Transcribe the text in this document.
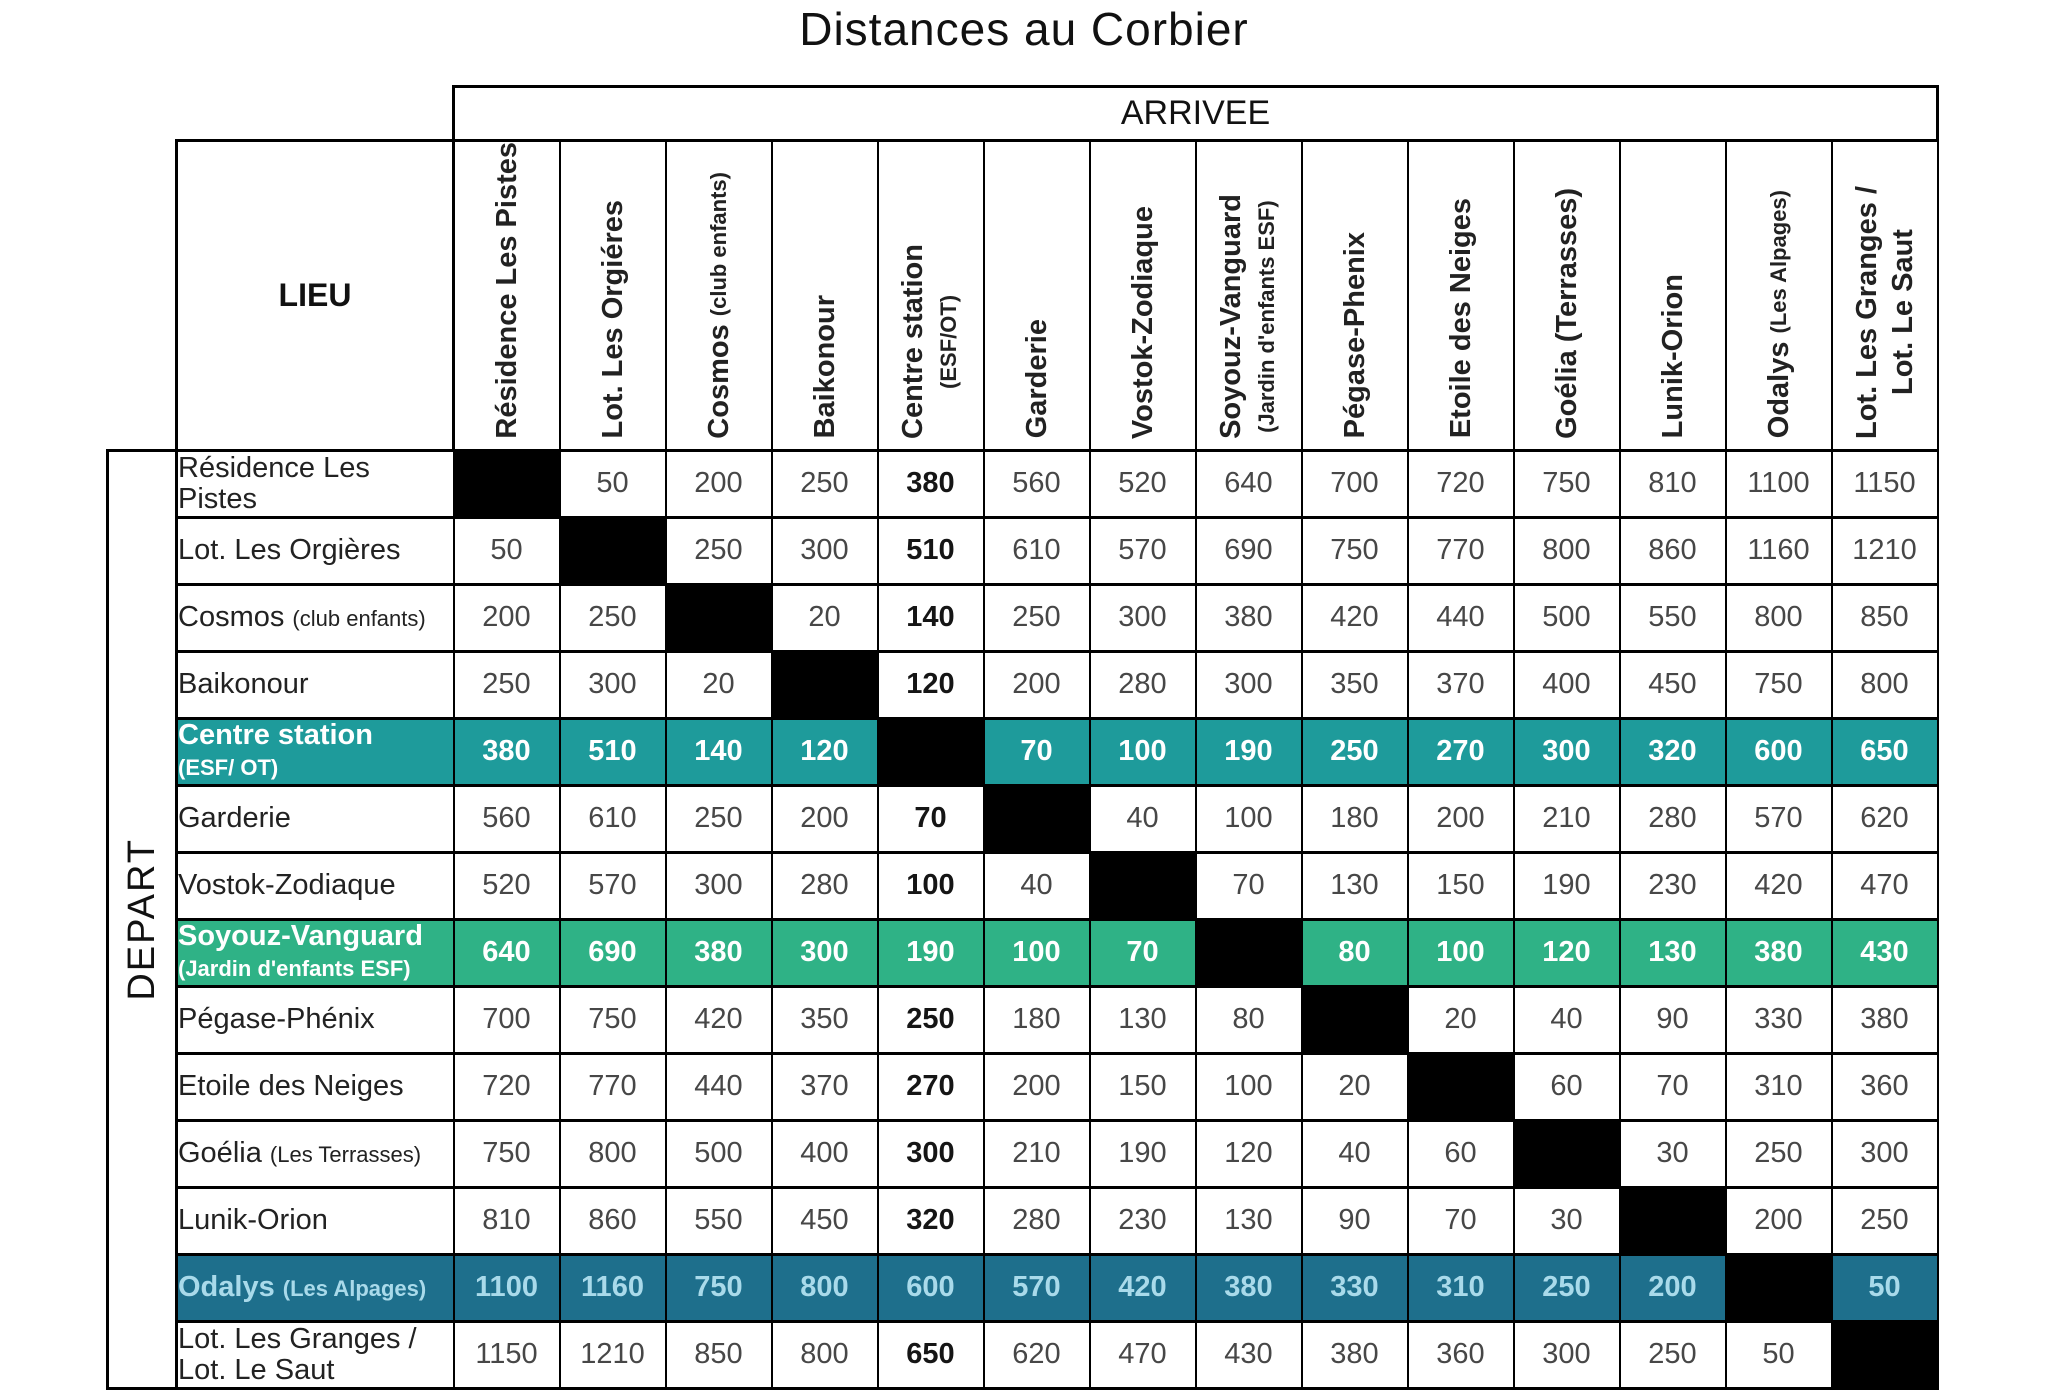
Distances au Corbier
		ARRIVEE													
	LIEU	Résidence Les Pistes	Lot. Les Orgiéres	Cosmos (club enfants)	Baikonour	Centre station (ESF/OT)	Garderie	Vostok-Zodiaque	Soyouz-Vanguard (Jardin d'enfants ESF)	Pégase-Phenix	Etoile des Neiges	Goélia (Terrasses)	Lunik-Orion	Odalys (Les Alpages)	Lot. Les Granges / Lot. Le Saut

DEPART	Résidence Les Pistes		50	200	250	380	560	520	640	700	720	750	810	1100	1150
	Lot. Les Orgières	50		250	300	510	610	570	690	750	770	800	860	1160	1210
	Cosmos (club enfants)	200	250		20	140	250	300	380	420	440	500	550	800	850
	Baikonour	250	300	20		120	200	280	300	350	370	400	450	750	800
	Centre station
(ESF/ OT)	380	510	140	120		70	100	190	250	270	300	320	600	650
	Garderie	560	610	250	200	70		40	100	180	200	210	280	570	620
	Vostok-Zodiaque	520	570	300	280	100	40		70	130	150	190	230	420	470
	Soyouz-Vanguard
(Jardin d'enfants ESF)	640	690	380	300	190	100	70		80	100	120	130	380	430
	Pégase-Phénix	700	750	420	350	250	180	130	80		20	40	90	330	380
	Etoile des Neiges	720	770	440	370	270	200	150	100	20		60	70	310	360
	Goélia (Les Terrasses)	750	800	500	400	300	210	190	120	40	60		30	250	300
	Lunik-Orion	810	860	550	450	320	280	230	130	90	70	30		200	250
	Odalys (Les Alpages)	1100	1160	750	800	600	570	420	380	330	310	250	200		50
	Lot. Les Granges /
Lot. Le Saut	1150	1210	850	800	650	620	470	430	380	360	300	250	50	
